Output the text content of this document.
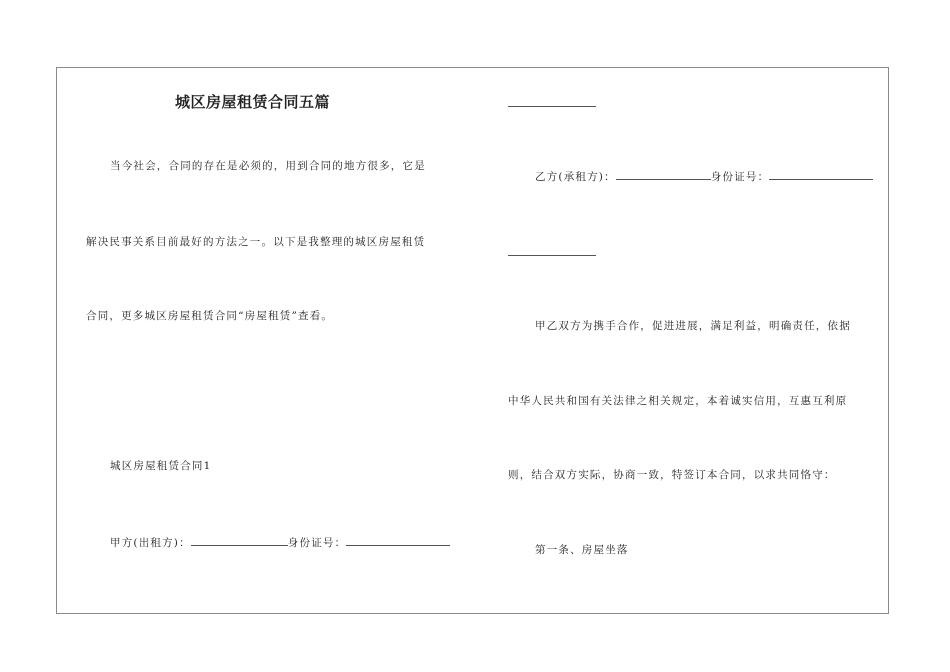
城区房屋租赁合同五篇
当今社会，合同的存在是必须的，用到合同的地方很多，它是
解决民事关系目前最好的方法之一。以下是我整理的城区房屋租赁
合同，更多城区房屋租赁合同“房屋租赁”查看。
城区房屋租赁合同1
甲方(出租方)：	身份证号：
乙方(承租方)：	身份证号：
甲乙双方为携手合作，促进进展，满足利益，明确责任，依据
中华人民共和国有关法律之相关规定，本着诚实信用，互惠互利原
则，结合双方实际，协商一致，特签订本合同，以求共同恪守：
第一条、房屋坐落
